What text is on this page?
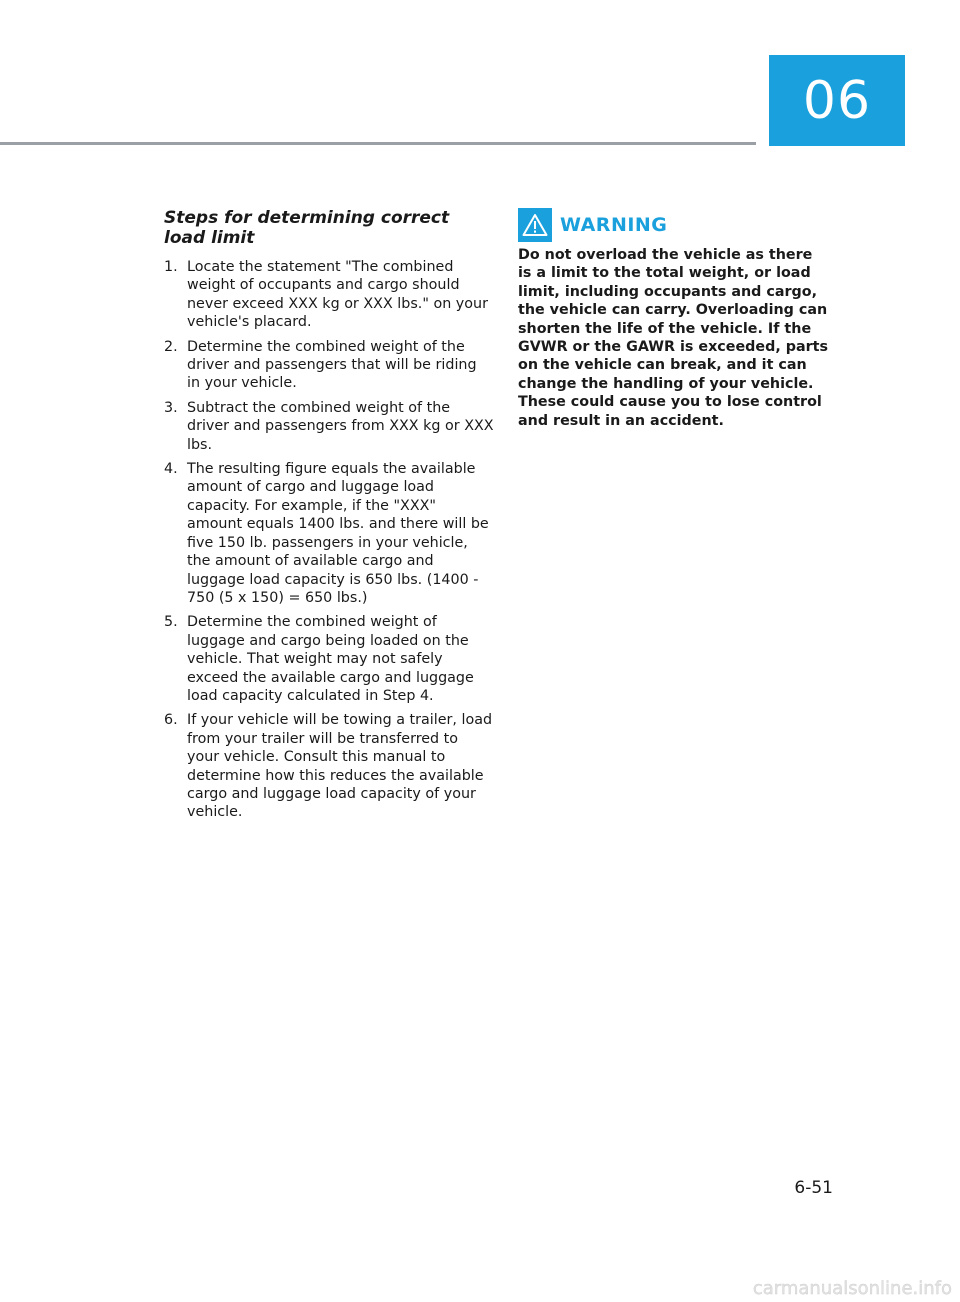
06
Steps for determining correct load limit
1. Locate the statement "The combined weight of occupants and cargo should never exceed XXX kg or XXX lbs." on your vehicle's placard.
2. Determine the combined weight of the driver and passengers that will be riding in your vehicle.
3. Subtract the combined weight of the driver and passengers from XXX kg or XXX lbs.
4. The resulting figure equals the available amount of cargo and luggage load capacity. For example, if the "XXX" amount equals 1400 lbs. and there will be five 150 lb. passengers in your vehicle, the amount of available cargo and luggage load capacity is 650 lbs. (1400 - 750 (5 x 150) = 650 lbs.)
5. Determine the combined weight of luggage and cargo being loaded on the vehicle. That weight may not safely exceed the available cargo and luggage load capacity calculated in Step 4.
6. If your vehicle will be towing a trailer, load from your trailer will be transferred to your vehicle. Consult this manual to determine how this reduces the available cargo and luggage load capacity of your vehicle.
WARNING

Do not overload the vehicle as there is a limit to the total weight, or load limit, including occupants and cargo, the vehicle can carry. Overloading can shorten the life of the vehicle. If the GVWR or the GAWR is exceeded, parts on the vehicle can break, and it can change the handling of your vehicle. These could cause you to lose control and result in an accident.

6-51
carmanualsonline.info
